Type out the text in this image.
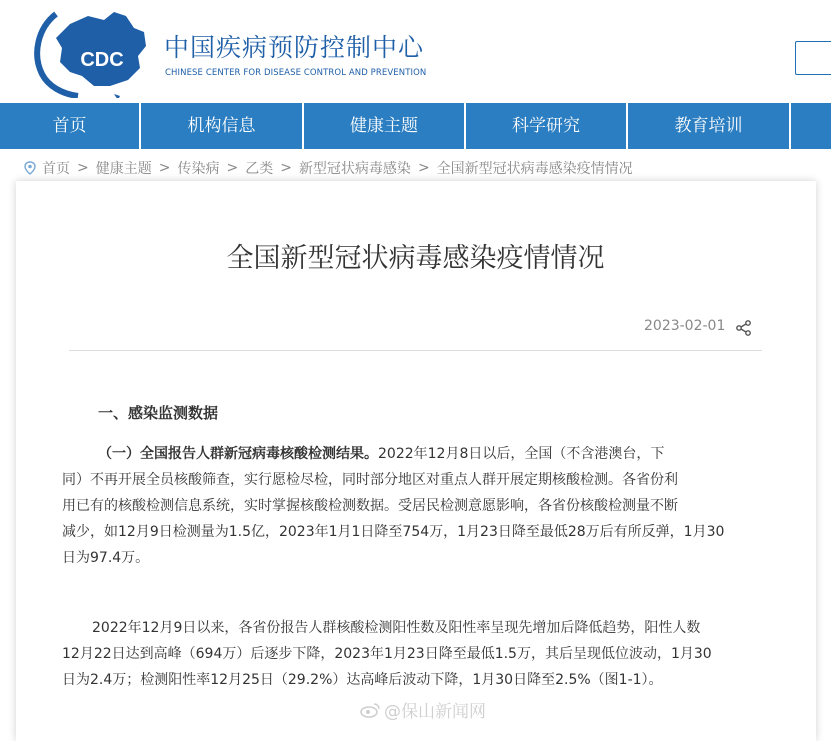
CDC 中国疾病预防控制中心
CHINESE CENTER FOR DISEASE CONTROL AND PREVENTION
首页	机构信息	健康主题	科学研究	教育培训
首页 > 健康主题 > 传染病 > 乙类 > 新型冠状病毒感染 > 全国新型冠状病毒感染疫情情况
全国新型冠状病毒感染疫情情况
2023-02-01
一、感染监测数据

（一）全国报告人群新冠病毒核酸检测结果。2022年12月8日以后，全国（不含港澳台，下

同）不再开展全员核酸筛查，实行愿检尽检，同时部分地区对重点人群开展定期核酸检测。各省份利

用已有的核酸检测信息系统，实时掌握核酸检测数据。受居民检测意愿影响，各省份核酸检测量不断

减少，如12月9日检测量为1.5亿，2023年1月1日降至754万，1月23日降至最低28万后有所反弹，1月30

日为97.4万。

2022年12月9日以来，各省份报告人群核酸检测阳性数及阳性率呈现先增加后降低趋势，阳性人数

12月22日达到高峰（694万）后逐步下降，2023年1月23日降至最低1.5万，其后呈现低位波动，1月30

日为2.4万；检测阳性率12月25日（29.2%）达高峰后波动下降，1月30日降至2.5%（图1-1）。

@保山新闻网
